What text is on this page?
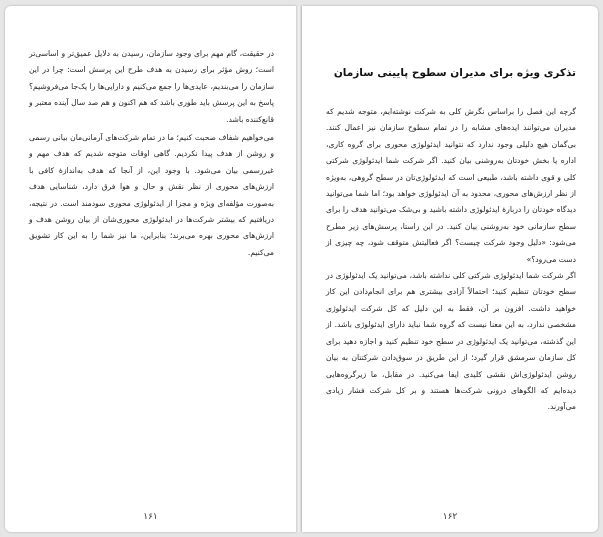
در حقیقت، گام مهم برای وجود سازمان، رسیدن به دلایل عمیق‌تر و اساسی‌تر است؛ روش مؤثر برای رسیدن به هدف طرح این پرسش است: چرا در این سازمان را می‌بندیم، عایدی‌ها را جمع می‌کنیم و دارایی‌ها را یک‌جا می‌فروشیم؟ پاسخ به این پرسش باید طوری باشد که هم اکنون و هم صد سال آینده معتبر و قانع‌کننده باشد.

می‌خواهیم شفاف صحبت کنیم؛ ما در تمام شرکت‌های آرمانی‌مان بیانی رسمی و روشن از هدف پیدا نکردیم. گاهی اوقات متوجه شدیم که هدف مهم و غیررسمی بیان می‌شود. با وجود این، از آنجا که هدف به‌اندازهٔ کافی با ارزش‌های محوری از نظر نقش و حال و هوا فرق دارد، شناسایی هدف به‌صورت مؤلفه‌ای ویژه و مجزا از ایدئولوژی محوری سودمند است. در نتیجه، دریافتیم که بیشتر شرکت‌ها در ایدئولوژی محوری‌شان از بیان روشن هدف و ارزش‌های محوری بهره می‌برند؛ بنابراین، ما نیز شما را به این کار تشویق می‌کنیم.

۱۶۱
تذکری ویژه برای مدیران سطوح پایینی سازمان

گرچه این فصل را براساس نگرش کلی به شرکت نوشته‌ایم، متوجه شدیم که مدیران می‌توانند ایده‌های مشابه را در تمام سطوح سازمان نیز اعمال کنند. بی‌گمان هیچ دلیلی وجود ندارد که نتوانید ایدئولوژی محوری برای گروه کاری، اداره یا بخش خودتان به‌روشنی بیان کنید. اگر شرکت شما ایدئولوژی شرکتی کلی و قوی داشته باشد، طبیعی است که ایدئولوژی‌تان در سطح گروهی، به‌ویژه از نظر ارزش‌های محوری، محدود به آن ایدئولوژی خواهد بود؛ اما شما می‌توانید دیدگاه خودتان را دربارهٔ ایدئولوژی داشته باشید و بی‌شک می‌توانید هدف را برای سطح سازمانی خود به‌روشنی بیان کنید. در این راستا، پرسش‌های زیر مطرح می‌شود: «دلیل وجود شرکت چیست؟ اگر فعالیتش متوقف شود، چه چیزی از دست می‌رود؟»

اگر شرکت شما ایدئولوژی شرکتی کلی نداشته باشد، می‌توانید یک ایدئولوژی در سطح خودتان تنظیم کنید؛ احتمالاً آزادی بیشتری هم برای انجام‌دادن این کار خواهید داشت. افزون بر آن، فقط به این دلیل که کل شرکت ایدئولوژی مشخصی ندارد، به این معنا نیست که گروه شما نباید دارای ایدئولوژی باشد. از این گذشته، می‌توانید یک ایدئولوژی در سطح خود تنظیم کنید و اجازه دهید برای کل سازمان سرمشق قرار گیرد؛ از این طریق در سوق‌دادن شرکتتان به بیان روشن ایدئولوژی‌اش نقشی کلیدی ایفا می‌کنید. در مقابل، ما زیرگروه‌هایی دیده‌ایم که الگوهای درونی شرکت‌ها هستند و بر کل شرکت فشار زیادی می‌آورند.

۱۶۲
